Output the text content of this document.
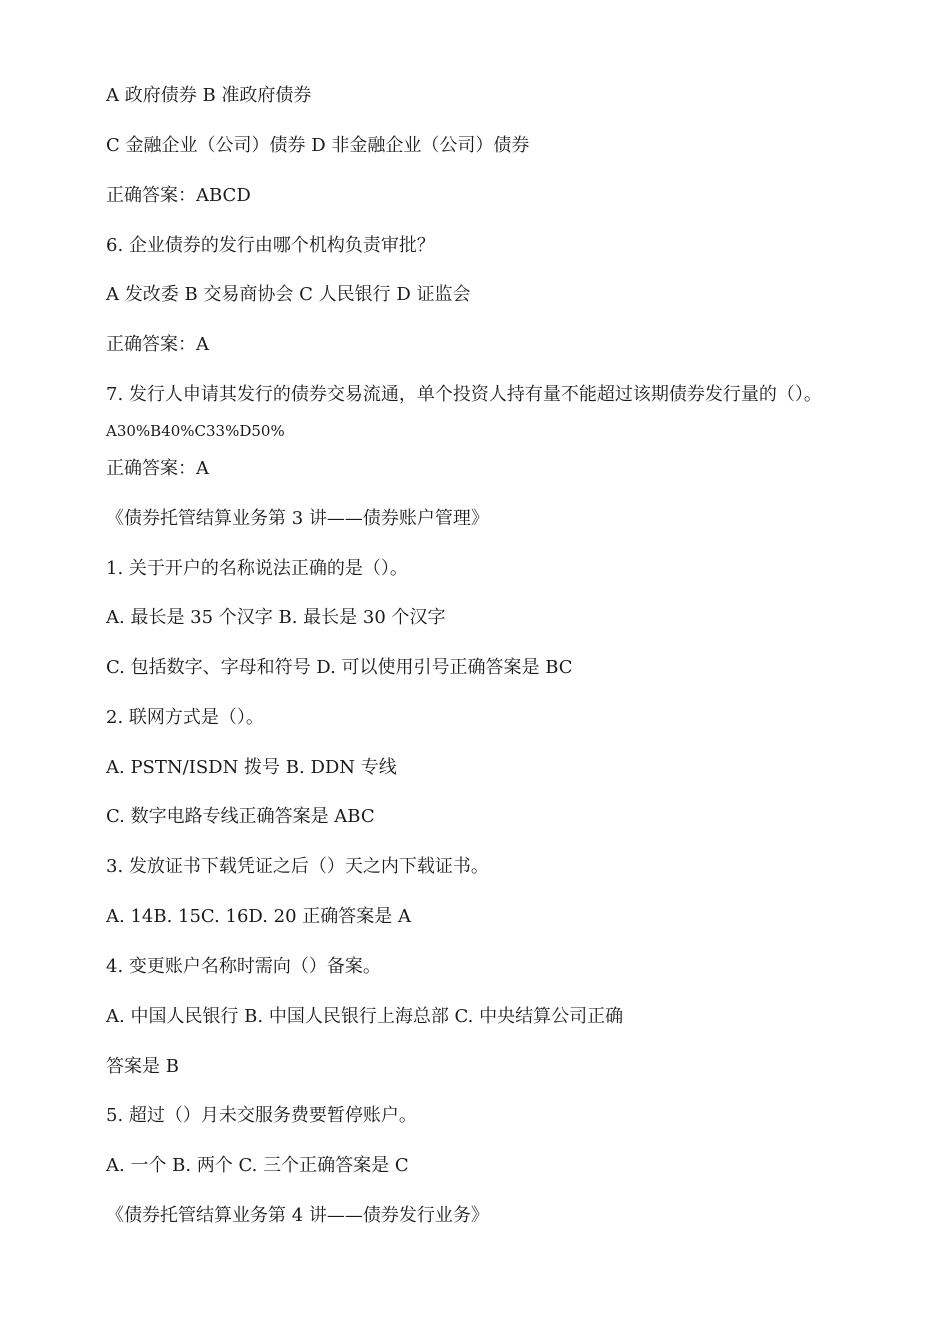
A 政府债券 B 准政府债券
C 金融企业（公司）债券 D 非金融企业（公司）债券
正确答案：ABCD
6. 企业债券的发行由哪个机构负责审批？
A 发改委 B 交易商协会 C 人民银行 D 证监会
正确答案：A
7. 发行人申请其发行的债券交易流通，单个投资人持有量不能超过该期债券发行量的（）。
A30%B40%C33%D50%
正确答案：A
《债券托管结算业务第 3 讲——债券账户管理》
1. 关于开户的名称说法正确的是（）。
A. 最长是 35 个汉字 B. 最长是 30 个汉字
C. 包括数字、字母和符号 D. 可以使用引号正确答案是 BC
2. 联网方式是（）。
A. PSTN/ISDN 拨号 B. DDN 专线
C. 数字电路专线正确答案是 ABC
3. 发放证书下载凭证之后（）天之内下载证书。
A. 14B. 15C. 16D. 20 正确答案是 A
4. 变更账户名称时需向（）备案。
A. 中国人民银行 B. 中国人民银行上海总部 C. 中央结算公司正确
答案是 B
5. 超过（）月未交服务费要暂停账户。
A. 一个 B. 两个 C. 三个正确答案是 C
《债券托管结算业务第 4 讲——债券发行业务》
